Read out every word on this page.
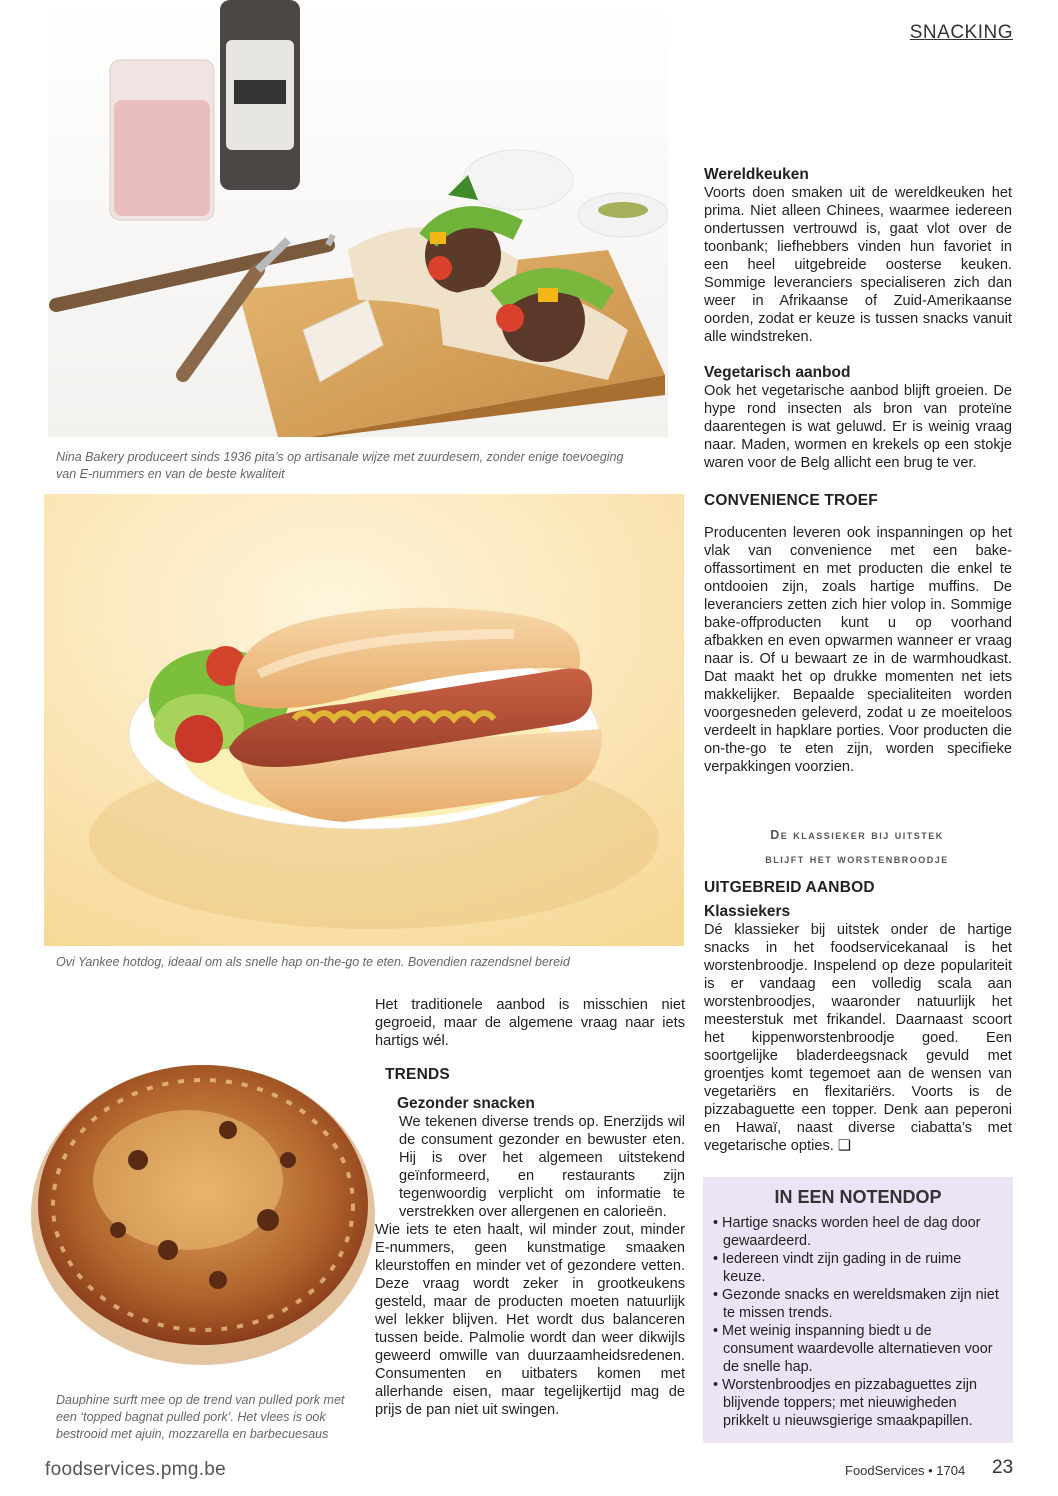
SNACKING
Nina Bakery produceert sinds 1936 pita’s op artisanale wijze met zuurdesem, zonder enige toevoeging van E-nummers en van de beste kwaliteit
Ovi Yankee hotdog, ideaal om als snelle hap on-the-go te eten. Bovendien razendsnel bereid
Dauphine surft mee op de trend van pulled pork met een ‘topped bagnat pulled pork’. Het vlees is ook bestrooid met ajuin, mozzarella en barbecuesaus

Het traditionele aanbod is misschien niet gegroeid, maar de algemene vraag naar iets hartigs wél.

TRENDS

Gezonder snacken

We tekenen diverse trends op. Enerzijds wil de consument gezonder en bewuster eten. Hij is over het algemeen uitstekend geïnformeerd, en restaurants zijn tegenwoordig verplicht om informatie te verstrekken over allergenen en calorieën.

Wie iets te eten haalt, wil minder zout, minder E-nummers, geen kunstmatige smaaken kleurstoffen en minder vet of gezondere vetten. Deze vraag wordt zeker in grootkeukens gesteld, maar de producten moeten natuurlijk wel lekker blijven. Het wordt dus balanceren tussen beide. Palmolie wordt dan weer dikwijls geweerd omwille van duurzaamheidsredenen. Consumenten en uitbaters komen met allerhande eisen, maar tegelijkertijd mag de prijs de pan niet uit swingen.

Wereldkeuken

Voorts doen smaken uit de wereldkeuken het prima. Niet alleen Chinees, waarmee iedereen ondertussen vertrouwd is, gaat vlot over de toonbank; liefhebbers vinden hun favoriet in een heel uitgebreide oosterse keuken. Sommige leveranciers specialiseren zich dan weer in Afrikaanse of Zuid-Amerikaanse oorden, zodat er keuze is tussen snacks vanuit alle windstreken.

Vegetarisch aanbod

Ook het vegetarische aanbod blijft groeien. De hype rond insecten als bron van proteïne daarentegen is wat geluwd. Er is weinig vraag naar. Maden, wormen en krekels op een stokje waren voor de Belg allicht een brug te ver.

CONVENIENCE TROEF

Producenten leveren ook inspanningen op het vlak van convenience met een bake-offassortiment en met producten die enkel te ontdooien zijn, zoals hartige muffins. De leveranciers zetten zich hier volop in. Sommige bake-offproducten kunt u op voorhand afbakken en even opwarmen wanneer er vraag naar is. Of u bewaart ze in de warmhoudkast. Dat maakt het op drukke momenten net iets makkelijker. Bepaalde specialiteiten worden voorgesneden geleverd, zodat u ze moeiteloos verdeelt in hapklare porties. Voor producten die on-the-go te eten zijn, worden specifieke verpakkingen voorzien.

De klassieker bij uitstek
blijft het worstenbroodje

UITGEBREID AANBOD

Klassiekers

Dé klassieker bij uitstek onder de hartige snacks in het foodservicekanaal is het worstenbroodje. Inspelend op deze populariteit is er vandaag een volledig scala aan worstenbroodjes, waaronder natuurlijk het meesterstuk met frikandel. Daarnaast scoort het kippenworstenbroodje goed. Een soortgelijke bladerdeegsnack gevuld met groentjes komt tegemoet aan de wensen van vegetariërs en flexitariërs. Voorts is de pizzabaguette een topper. Denk aan peperoni en Hawaï, naast diverse ciabatta’s met vegetarische opties. ❑

IN EEN NOTENDOP
• Hartige snacks worden heel de dag door gewaardeerd.
• Iedereen vindt zijn gading in de ruime keuze.
• Gezonde snacks en wereldsmaken zijn niet te missen trends.
• Met weinig inspanning biedt u de consument waardevolle alternatieven voor de snelle hap.
• Worstenbroodjes en pizzabaguettes zijn blijvende toppers; met nieuwigheden prikkelt u nieuwsgierige smaakpapillen.
foodservices.pmg.be	FoodServices • 1704 23
